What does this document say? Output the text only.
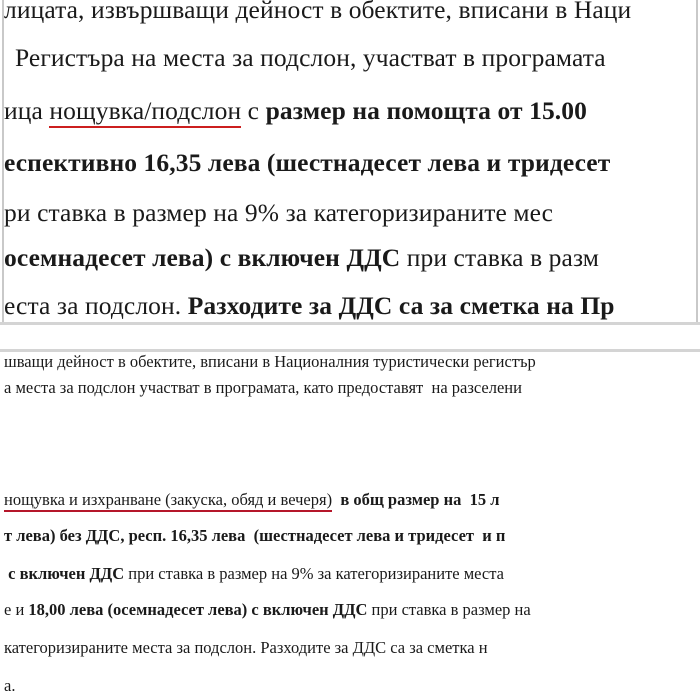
лицата, извършващи дейност в обектите, вписани в Наци

Регистъра на места за подслон, участват в програмата

ица нощувка/подслон с размер на помощта от 15.00

еспективно 16,35 лева (шестнадесет лева и тридесет

ри ставка в размер на 9% за категоризираните мес

осемнадесет лева) с включен ДДС при ставка в разм

еста за подслон. Разходите за ДДС са за сметка на Пр

шващи дейност в обектите, вписани в Националния туристически регистър

а места за подслон участват в програмата, като предоставят  на разселени

нощувка и изхранване (закуска, обяд и вечеря)  в общ размер на  15 л

т лева) без ДДС, респ. 16,35 лева  (шестнадесет лева и тридесет  и п

с включен ДДС при ставка в размер на 9% за категоризираните места

е и 18,00 лева (осемнадесет лева) с включен ДДС при ставка в размер на

категоризираните места за подслон. Разходите за ДДС са за сметка н

а.
